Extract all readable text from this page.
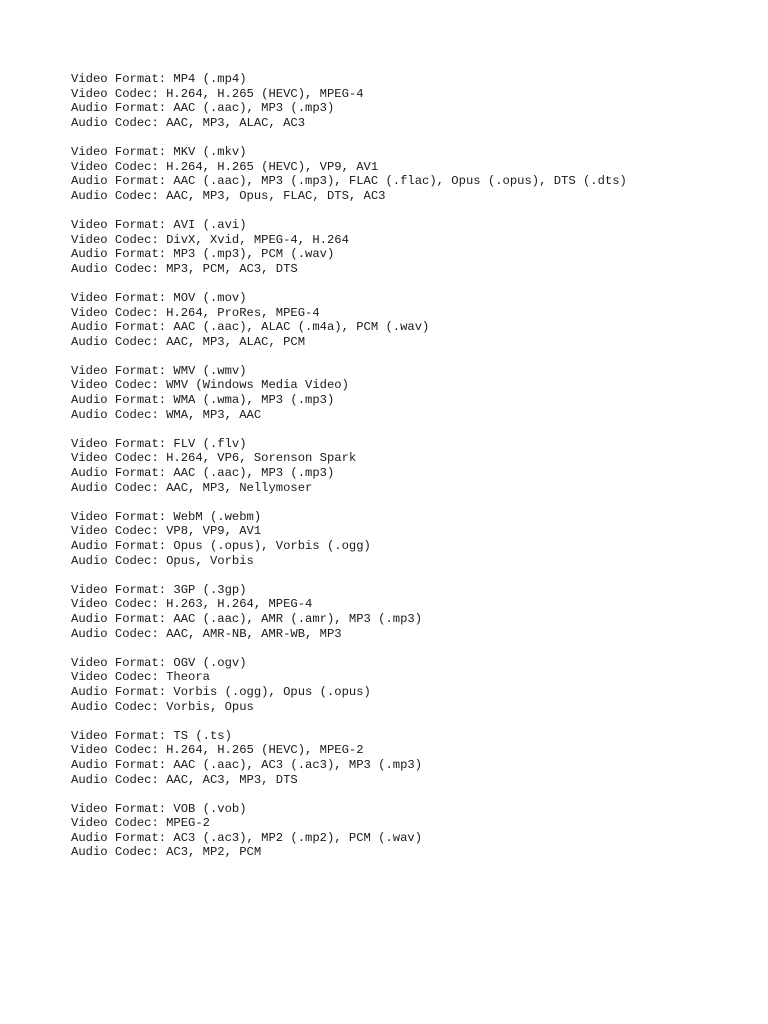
Video Format: MP4 (.mp4)
Video Codec: H.264, H.265 (HEVC), MPEG-4
Audio Format: AAC (.aac), MP3 (.mp3)
Audio Codec: AAC, MP3, ALAC, AC3
Video Format: MKV (.mkv)
Video Codec: H.264, H.265 (HEVC), VP9, AV1
Audio Format: AAC (.aac), MP3 (.mp3), FLAC (.flac), Opus (.opus), DTS (.dts)
Audio Codec: AAC, MP3, Opus, FLAC, DTS, AC3
Video Format: AVI (.avi)
Video Codec: DivX, Xvid, MPEG-4, H.264
Audio Format: MP3 (.mp3), PCM (.wav)
Audio Codec: MP3, PCM, AC3, DTS
Video Format: MOV (.mov)
Video Codec: H.264, ProRes, MPEG-4
Audio Format: AAC (.aac), ALAC (.m4a), PCM (.wav)
Audio Codec: AAC, MP3, ALAC, PCM
Video Format: WMV (.wmv)
Video Codec: WMV (Windows Media Video)
Audio Format: WMA (.wma), MP3 (.mp3)
Audio Codec: WMA, MP3, AAC
Video Format: FLV (.flv)
Video Codec: H.264, VP6, Sorenson Spark
Audio Format: AAC (.aac), MP3 (.mp3)
Audio Codec: AAC, MP3, Nellymoser
Video Format: WebM (.webm)
Video Codec: VP8, VP9, AV1
Audio Format: Opus (.opus), Vorbis (.ogg)
Audio Codec: Opus, Vorbis
Video Format: 3GP (.3gp)
Video Codec: H.263, H.264, MPEG-4
Audio Format: AAC (.aac), AMR (.amr), MP3 (.mp3)
Audio Codec: AAC, AMR-NB, AMR-WB, MP3
Video Format: OGV (.ogv)
Video Codec: Theora
Audio Format: Vorbis (.ogg), Opus (.opus)
Audio Codec: Vorbis, Opus
Video Format: TS (.ts)
Video Codec: H.264, H.265 (HEVC), MPEG-2
Audio Format: AAC (.aac), AC3 (.ac3), MP3 (.mp3)
Audio Codec: AAC, AC3, MP3, DTS
Video Format: VOB (.vob)
Video Codec: MPEG-2
Audio Format: AC3 (.ac3), MP2 (.mp2), PCM (.wav)
Audio Codec: AC3, MP2, PCM
